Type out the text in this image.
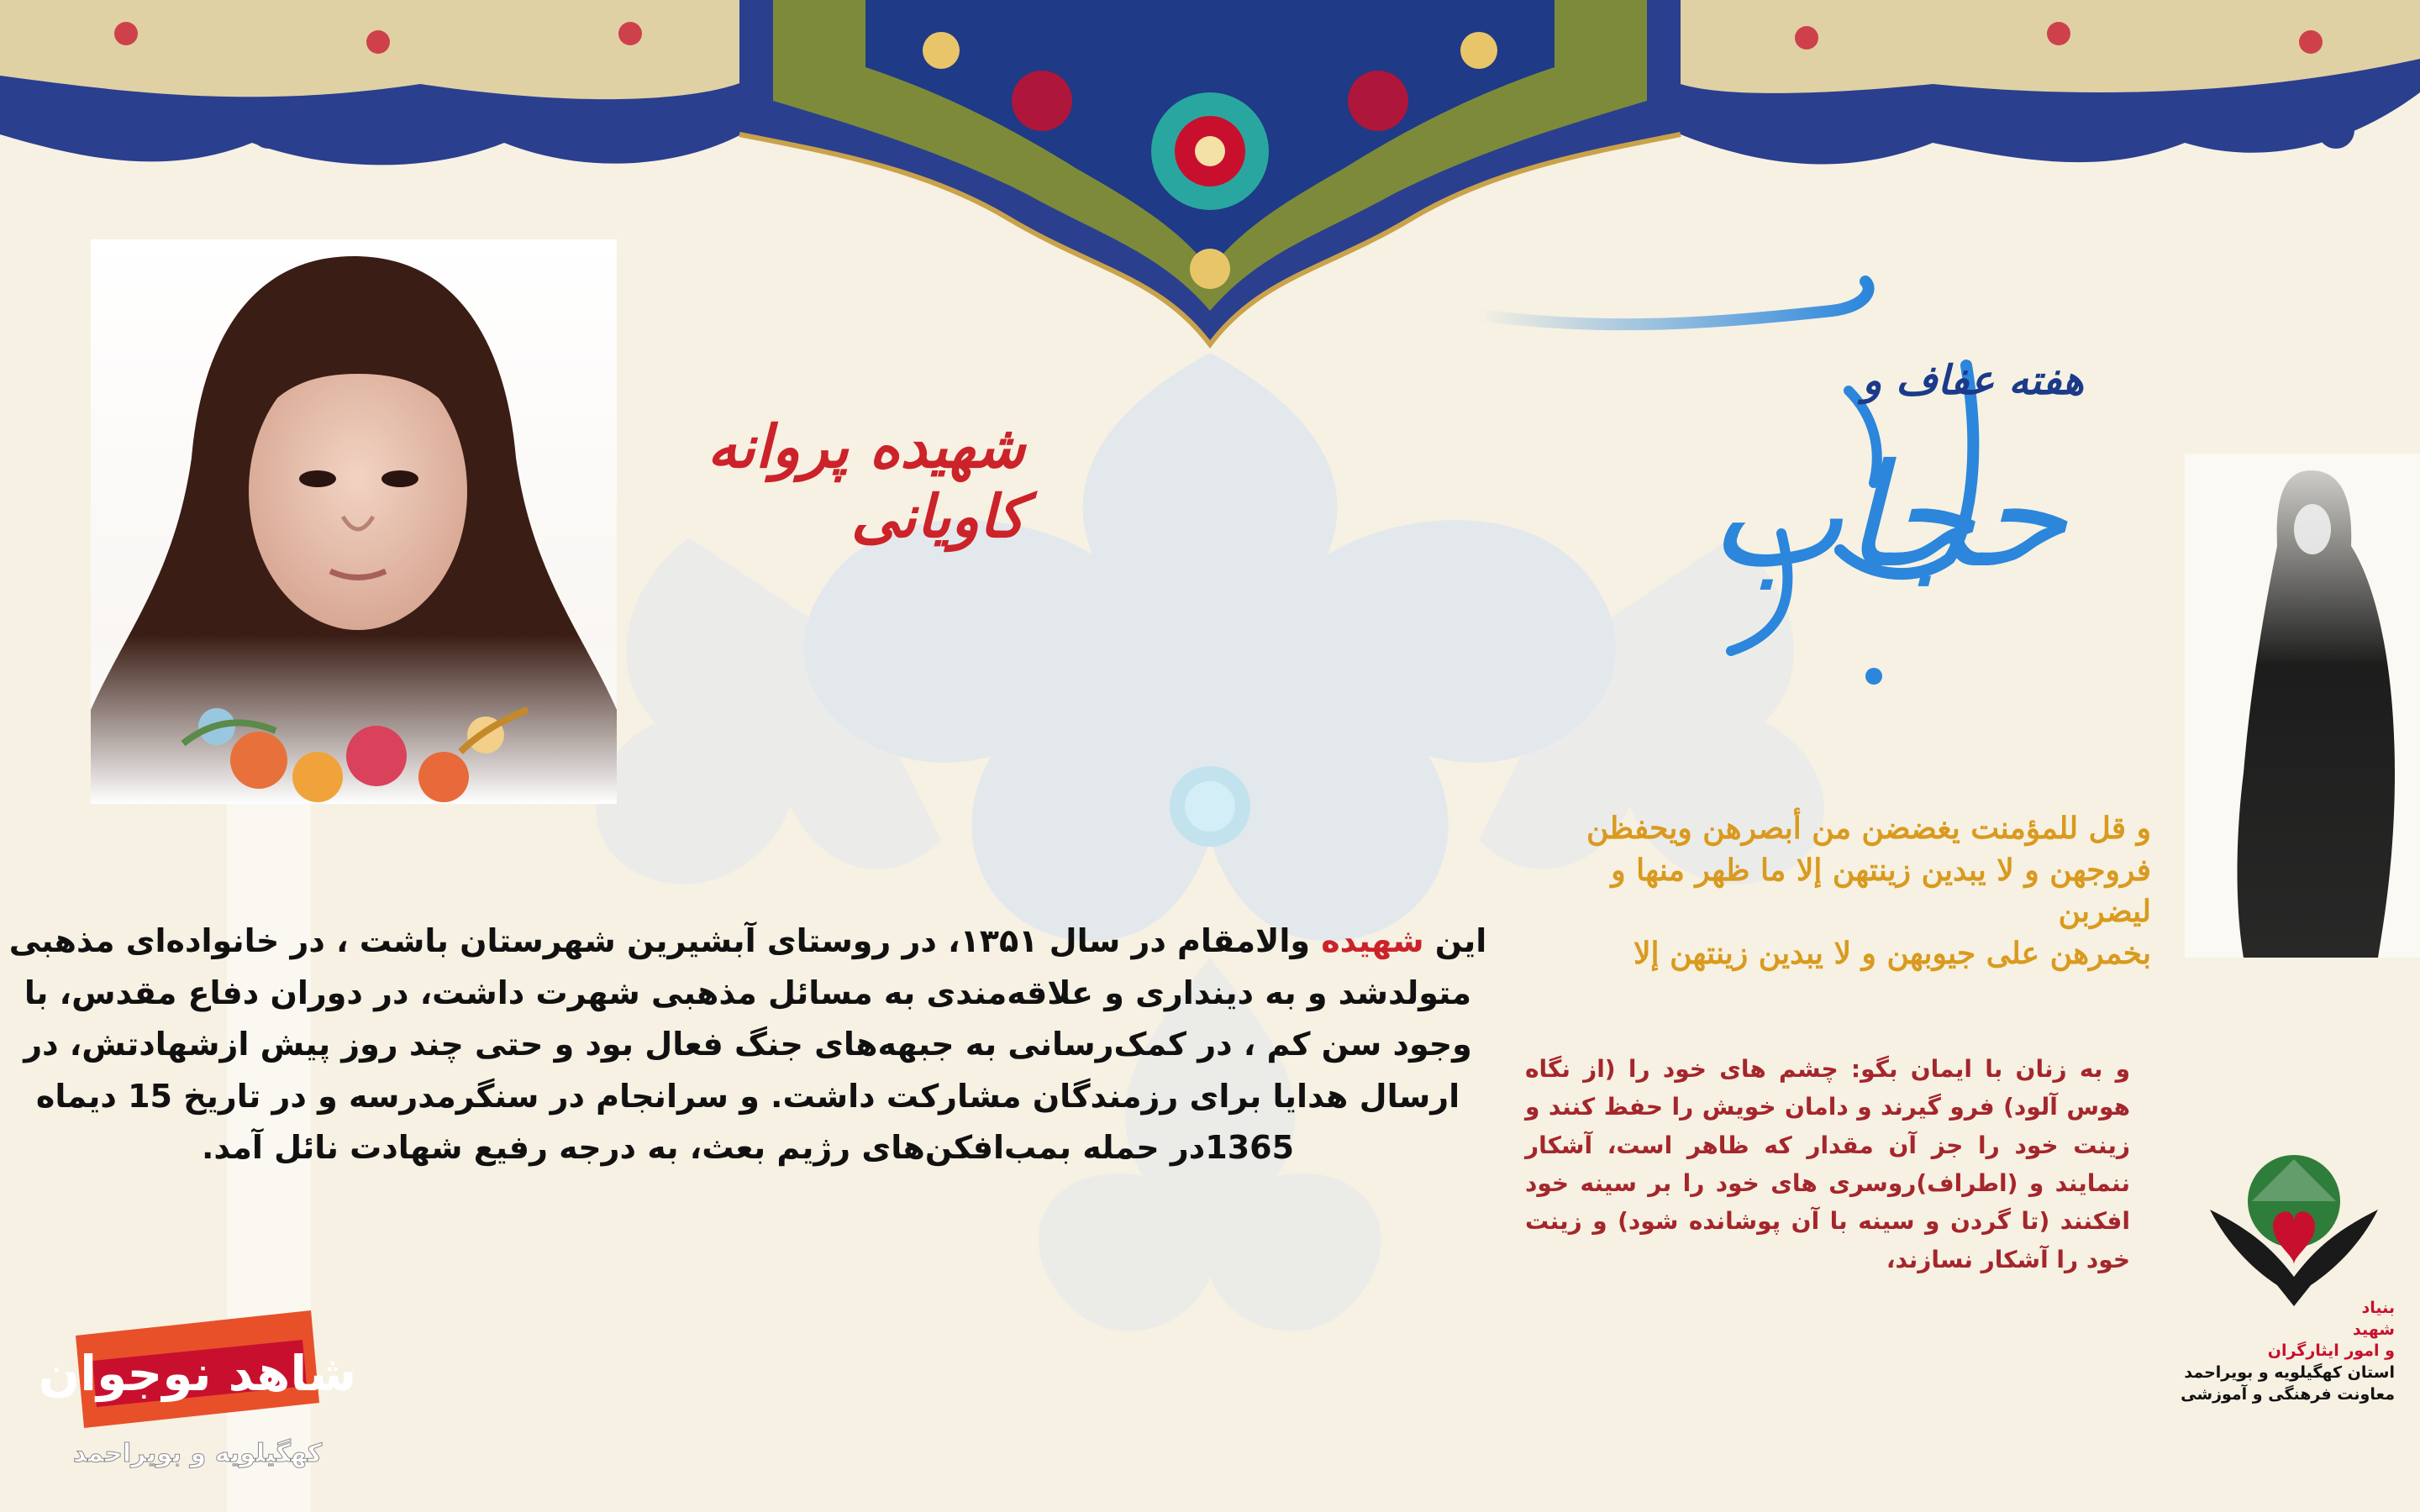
شهیده پروانه کاویانی
هفته عفاف و
حجاب
و قل للمؤمنت يغضضن من أبصرهن ويحفظن
فروجهن و لا يبدين زينتهن إلا ما ظهر منها و ليضربن
بخمرهن على جيوبهن و لا يبدين زينتهن إلا
و به زنان با ایمان بگو: چشم های خود را (از نگاه هوس آلود) فرو گیرند و دامان خویش را حفظ کنند و زینت خود را جز آن مقدار که ظاهر است، آشکار ننمایند و (اطراف)روسری های خود را بر سینه خود افکنند (تا گردن و سینه با آن پوشانده شود) و زینت خود را آشکار نسازند،
این شهیده والامقام در سال ۱۳۵۱، در روستای آبشیرین شهرستان باشت ، در خانواده‌ای مذهبی متولدشد و به دینداری و علاقه‌مندی به مسائل مذهبی شهرت داشت، در دوران دفاع مقدس، با وجود سن کم ، در کمک‌رسانی به جبهه‌های جنگ فعال بود و حتی چند روز پیش ازشهادتش، در ارسال هدایا برای رزمندگان مشارکت داشت. و سرانجام در سنگرمدرسه و در تاریخ 15 دیماه 1365در حمله بمب‌افکن‌های رژیم بعث، به درجه رفیع شهادت نائل آمد.
شاهد نوجوان
کهگیلویه و بویراحمد
بنیاد
شهید
و امور ایثارگران
استان کهگیلویه و بویراحمد
معاونت فرهنگی و آموزشی
